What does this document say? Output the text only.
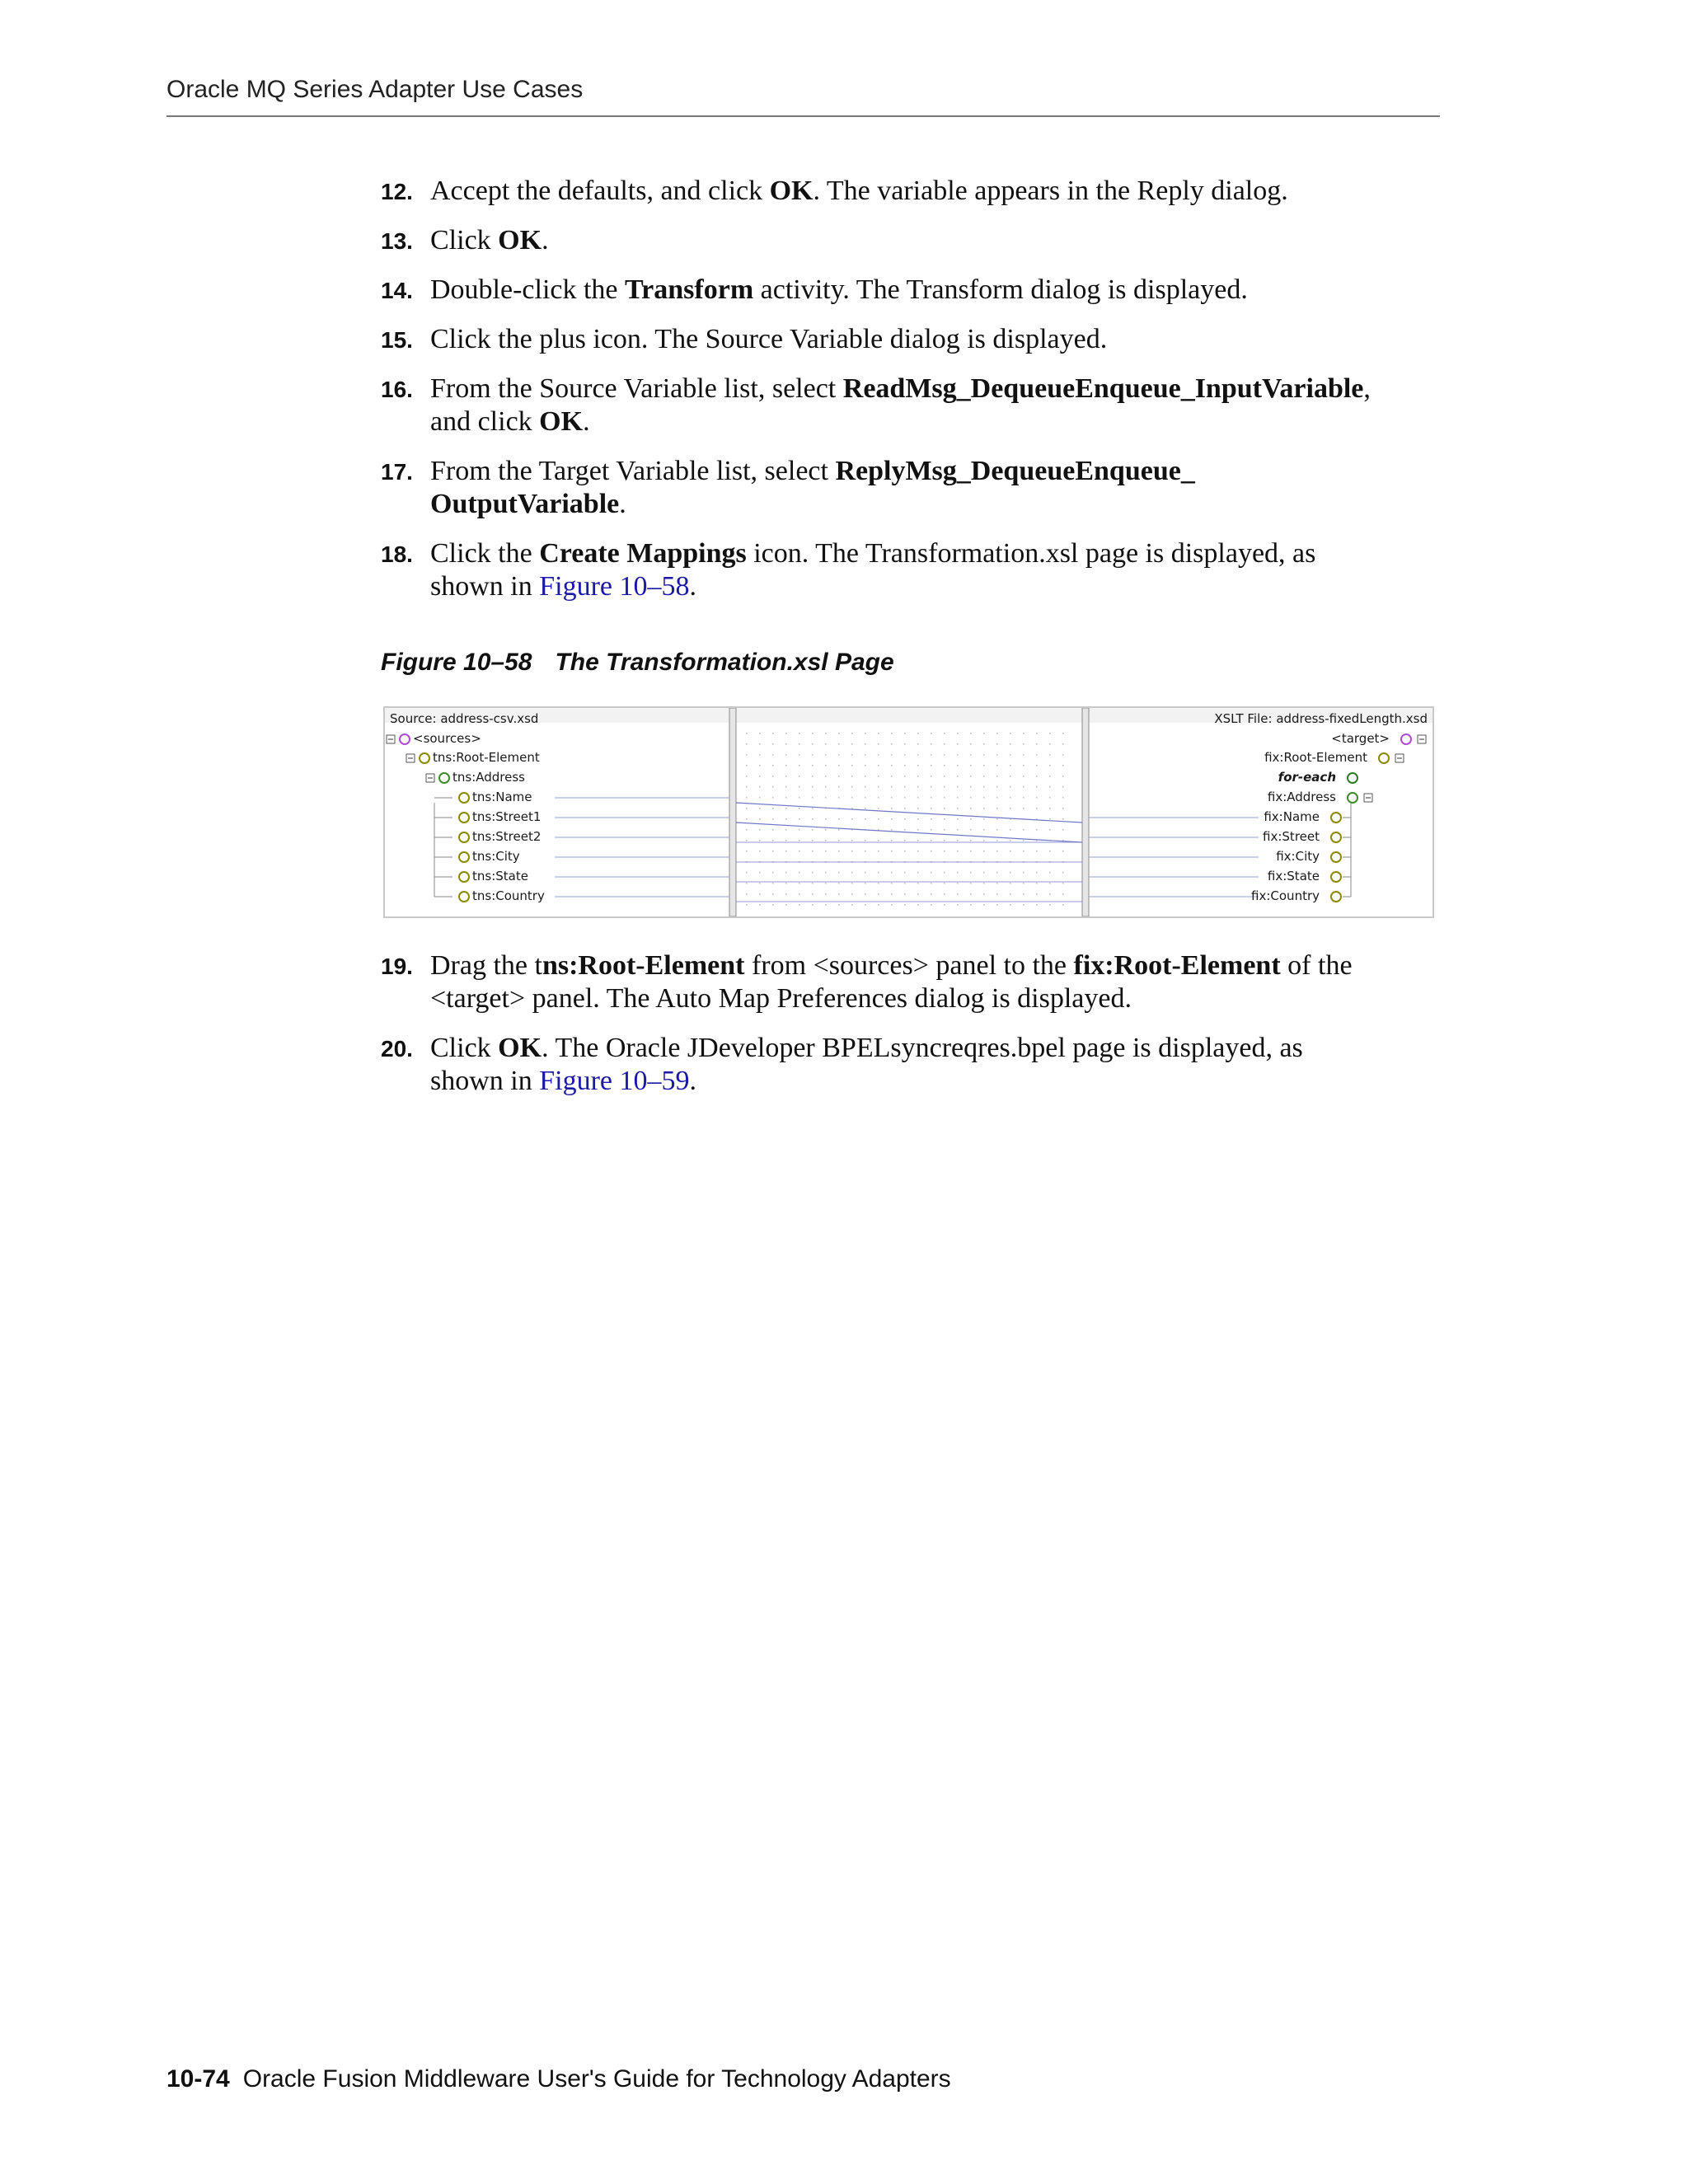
Oracle MQ Series Adapter Use Cases
12. Accept the defaults, and click OK. The variable appears in the Reply dialog.
13. Click OK.
14. Double-click the Transform activity. The Transform dialog is displayed.
15. Click the plus icon. The Source Variable dialog is displayed.
16. From the Source Variable list, select ReadMsg_DequeueEnqueue_InputVariable,
and click OK.
17. From the Target Variable list, select ReplyMsg_DequeueEnqueue_
OutputVariable.
18. Click the Create Mappings icon. The Transformation.xsl page is displayed, as
shown in Figure 10–58.
Figure 10–58 The Transformation.xsl Page
Source: address-csv.xsd	XSLT File: address-fixedLength.xsd
<sources>
tns:Root-Element
tns:Address
tns:Name
tns:Street1
tns:Street2
tns:City
tns:State
tns:Country
<target>
fix:Root-Element
for-each
fix:Address
fix:Name
fix:Street
fix:City
fix:State
fix:Country
19. Drag the tns:Root-Element from <sources> panel to the fix:Root-Element of the
<target> panel. The Auto Map Preferences dialog is displayed.
20. Click OK. The Oracle JDeveloper BPELsyncreqres.bpel page is displayed, as
shown in Figure 10–59.
10-74 Oracle Fusion Middleware User's Guide for Technology Adapters
